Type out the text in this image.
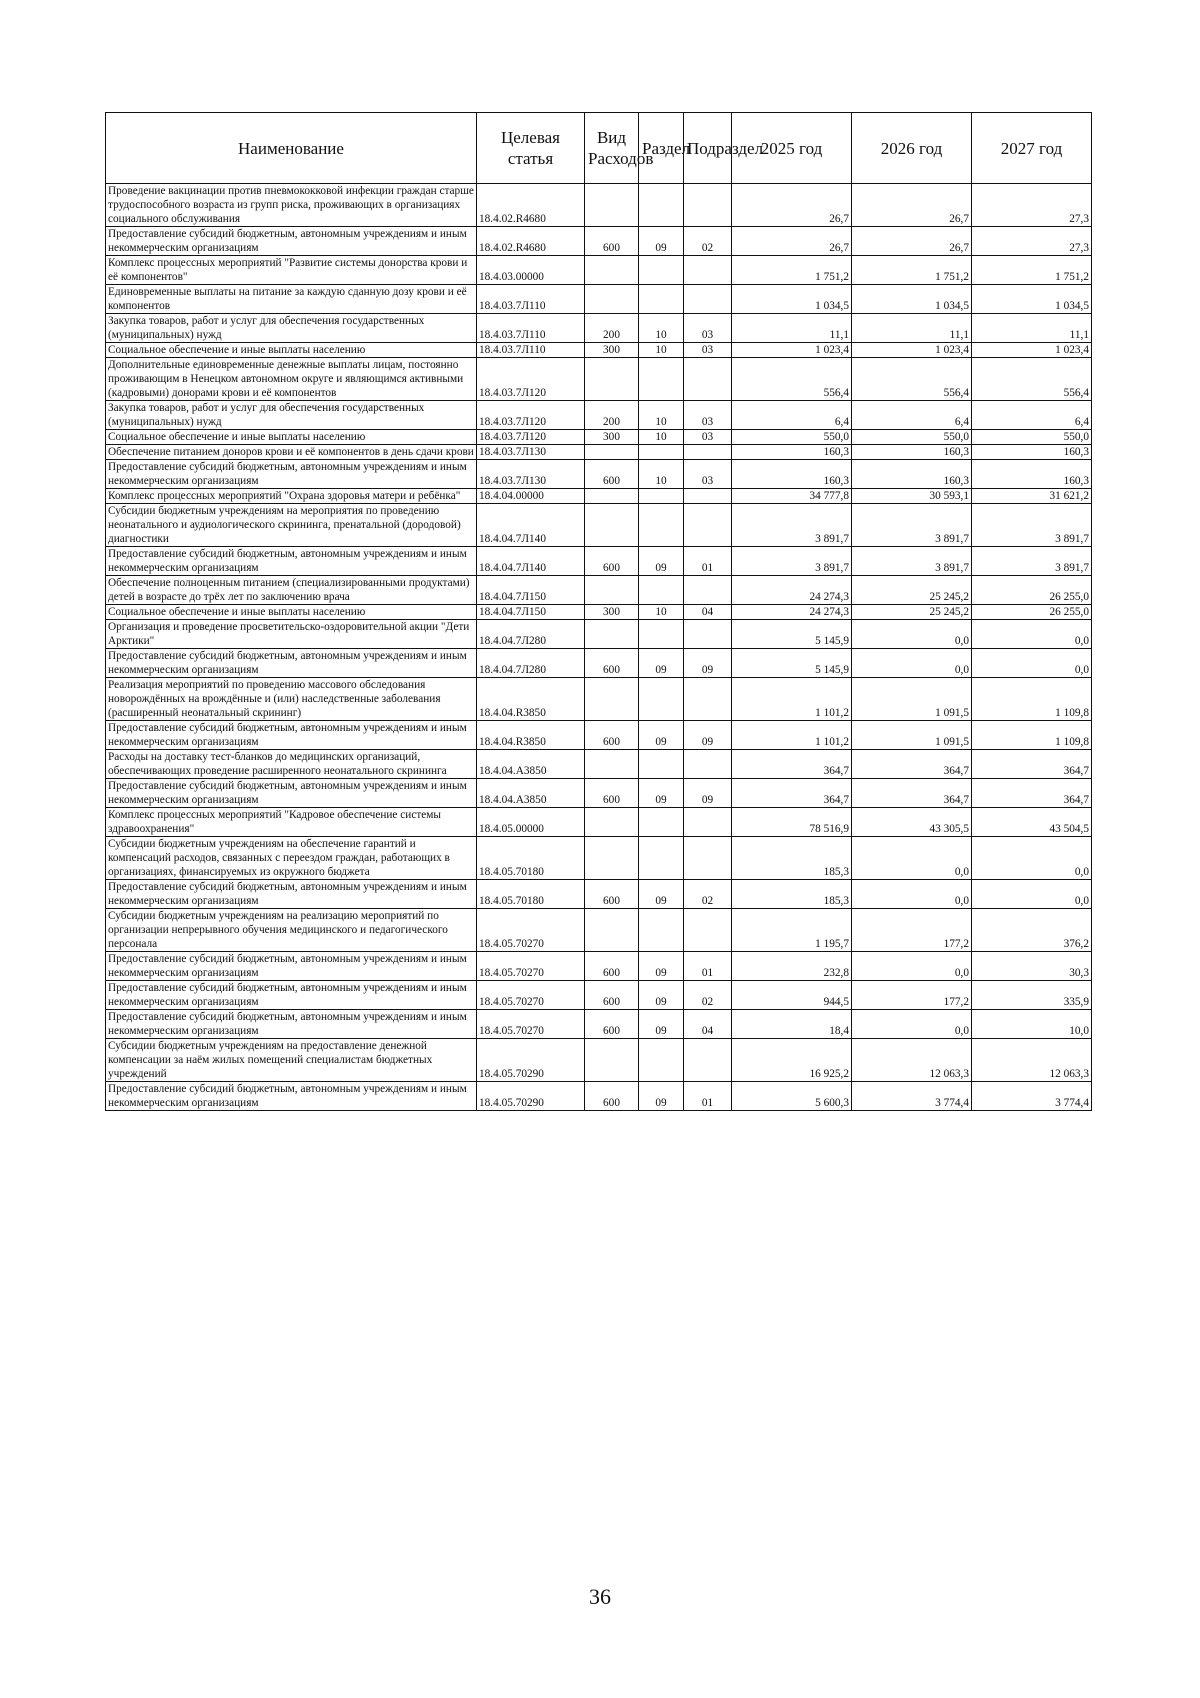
Наименование	Целевая статья	Вид Расходов	Раздел	Подраздел	2025 год	2026 год	2027 год
Проведение вакцинации против пневмококковой инфекции граждан старше трудоспособного возраста из групп риска, проживающих в организациях социального обслуживания	18.4.02.R4680				26,7	26,7	27,3
Предоставление субсидий бюджетным, автономным учреждениям и иным некоммерческим организациям	18.4.02.R4680	600	09	02	26,7	26,7	27,3
Комплекс процессных мероприятий "Развитие системы донорства крови и её компонентов"	18.4.03.00000				1 751,2	1 751,2	1 751,2
Единовременные выплаты на питание за каждую сданную дозу крови и её компонентов	18.4.03.7Л110				1 034,5	1 034,5	1 034,5
Закупка товаров, работ и услуг для обеспечения государственных (муниципальных) нужд	18.4.03.7Л110	200	10	03	11,1	11,1	11,1
Социальное обеспечение и иные выплаты населению	18.4.03.7Л110	300	10	03	1 023,4	1 023,4	1 023,4
Дополнительные единовременные денежные выплаты лицам, постоянно проживающим в Ненецком автономном округе и являющимся активными (кадровыми) донорами крови и её компонентов	18.4.03.7Л120				556,4	556,4	556,4
Закупка товаров, работ и услуг для обеспечения государственных (муниципальных) нужд	18.4.03.7Л120	200	10	03	6,4	6,4	6,4
Социальное обеспечение и иные выплаты населению	18.4.03.7Л120	300	10	03	550,0	550,0	550,0
Обеспечение питанием доноров крови и её компонентов в день сдачи крови	18.4.03.7Л130				160,3	160,3	160,3
Предоставление субсидий бюджетным, автономным учреждениям и иным некоммерческим организациям	18.4.03.7Л130	600	10	03	160,3	160,3	160,3
Комплекс процессных мероприятий "Охрана здоровья матери и ребёнка"	18.4.04.00000				34 777,8	30 593,1	31 621,2
Субсидии бюджетным учреждениям на мероприятия по проведению неонатального и аудиологического скрининга, пренатальной (дородовой) диагностики	18.4.04.7Л140				3 891,7	3 891,7	3 891,7
Предоставление субсидий бюджетным, автономным учреждениям и иным некоммерческим организациям	18.4.04.7Л140	600	09	01	3 891,7	3 891,7	3 891,7
Обеспечение полноценным питанием (специализированными продуктами) детей в возрасте до трёх лет по заключению врача	18.4.04.7Л150				24 274,3	25 245,2	26 255,0
Социальное обеспечение и иные выплаты населению	18.4.04.7Л150	300	10	04	24 274,3	25 245,2	26 255,0
Организация и проведение просветительско-оздоровительной акции "Дети Арктики"	18.4.04.7Л280				5 145,9	0,0	0,0
Предоставление субсидий бюджетным, автономным учреждениям и иным некоммерческим организациям	18.4.04.7Л280	600	09	09	5 145,9	0,0	0,0
Реализация мероприятий по проведению массового обследования новорождённых на врождённые и (или) наследственные заболевания (расширенный неонатальный скрининг)	18.4.04.R3850				1 101,2	1 091,5	1 109,8
Предоставление субсидий бюджетным, автономным учреждениям и иным некоммерческим организациям	18.4.04.R3850	600	09	09	1 101,2	1 091,5	1 109,8
Расходы на доставку тест-бланков до медицинских организаций, обеспечивающих проведение расширенного неонатального скрининга	18.4.04.А3850				364,7	364,7	364,7
Предоставление субсидий бюджетным, автономным учреждениям и иным некоммерческим организациям	18.4.04.А3850	600	09	09	364,7	364,7	364,7
Комплекс процессных мероприятий "Кадровое обеспечение системы здравоохранения"	18.4.05.00000				78 516,9	43 305,5	43 504,5
Субсидии бюджетным учреждениям на обеспечение гарантий и компенсаций расходов, связанных с переездом граждан, работающих в организациях, финансируемых из окружного бюджета	18.4.05.70180				185,3	0,0	0,0
Предоставление субсидий бюджетным, автономным учреждениям и иным некоммерческим организациям	18.4.05.70180	600	09	02	185,3	0,0	0,0
Субсидии бюджетным учреждениям на реализацию мероприятий по организации непрерывного обучения медицинского и педагогического персонала	18.4.05.70270				1 195,7	177,2	376,2
Предоставление субсидий бюджетным, автономным учреждениям и иным некоммерческим организациям	18.4.05.70270	600	09	01	232,8	0,0	30,3
Предоставление субсидий бюджетным, автономным учреждениям и иным некоммерческим организациям	18.4.05.70270	600	09	02	944,5	177,2	335,9
Предоставление субсидий бюджетным, автономным учреждениям и иным некоммерческим организациям	18.4.05.70270	600	09	04	18,4	0,0	10,0
Субсидии бюджетным учреждениям на предоставление денежной компенсации за наём жилых помещений специалистам бюджетных учреждений	18.4.05.70290				16 925,2	12 063,3	12 063,3
Предоставление субсидий бюджетным, автономным учреждениям и иным некоммерческим организациям	18.4.05.70290	600	09	01	5 600,3	3 774,4	3 774,4
36
